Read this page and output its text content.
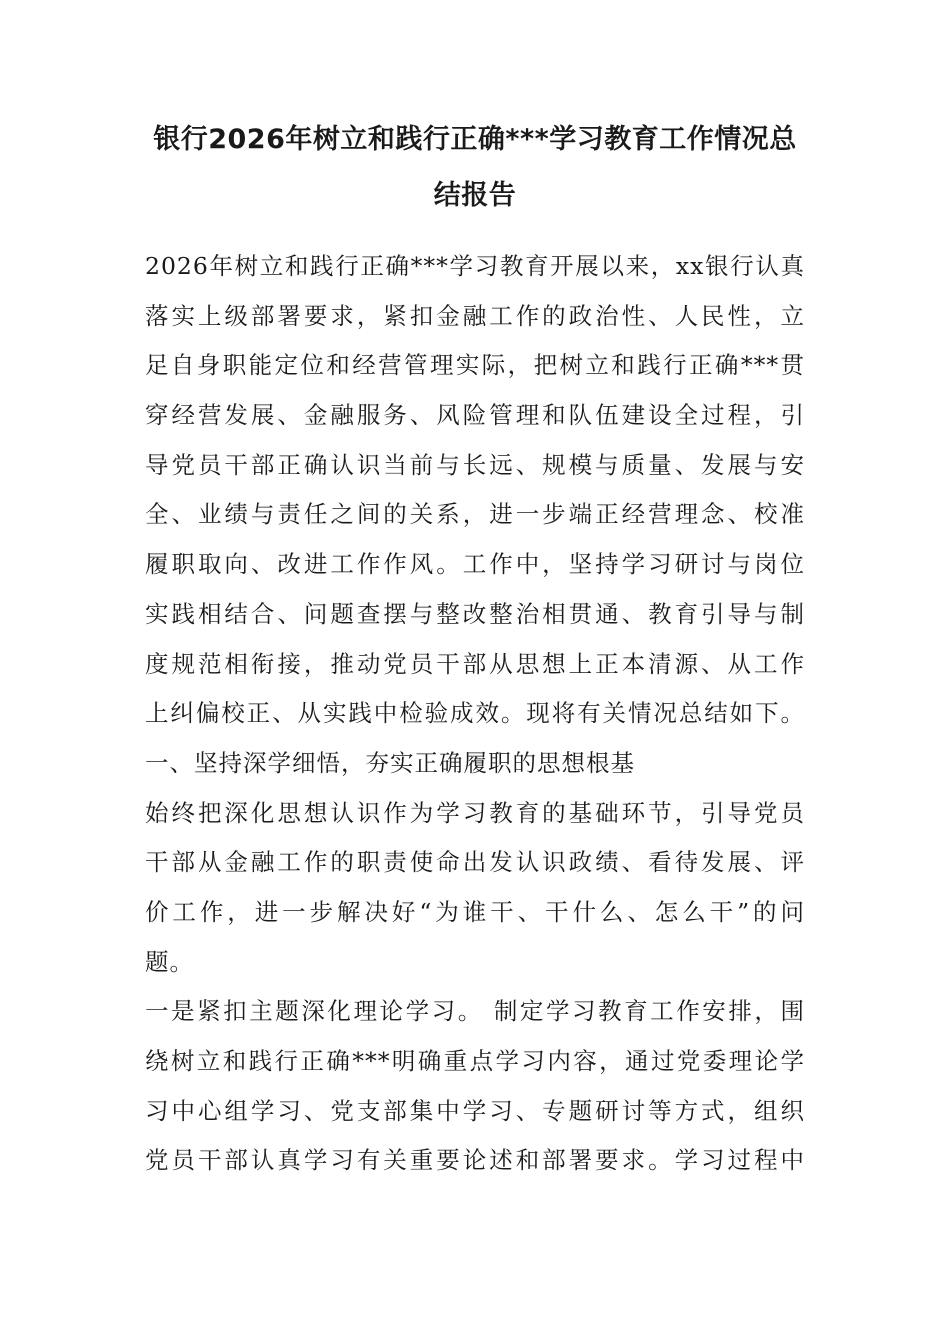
银行2026年树立和践行正确***学习教育工作情况总
结报告
2026年树立和践行正确***学习教育开展以来，xx银行认真
落实上级部署要求，紧扣金融工作的政治性、人民性，立
足自身职能定位和经营管理实际，把树立和践行正确***贯
穿经营发展、金融服务、风险管理和队伍建设全过程，引
导党员干部正确认识当前与长远、规模与质量、发展与安
全、业绩与责任之间的关系，进一步端正经营理念、校准
履职取向、改进工作作风。工作中，坚持学习研讨与岗位
实践相结合、问题查摆与整改整治相贯通、教育引导与制
度规范相衔接，推动党员干部从思想上正本清源、从工作
上纠偏校正、从实践中检验成效。现将有关情况总结如下。
一、坚持深学细悟，夯实正确履职的思想根基
始终把深化思想认识作为学习教育的基础环节，引导党员
干部从金融工作的职责使命出发认识政绩、看待发展、评
价工作，进一步解决好“为谁干、干什么、怎么干”的问
题。
一是紧扣主题深化理论学习。 制定学习教育工作安排，围
绕树立和践行正确***明确重点学习内容，通过党委理论学
习中心组学习、党支部集中学习、专题研讨等方式，组织
党员干部认真学习有关重要论述和部署要求。学习过程中
